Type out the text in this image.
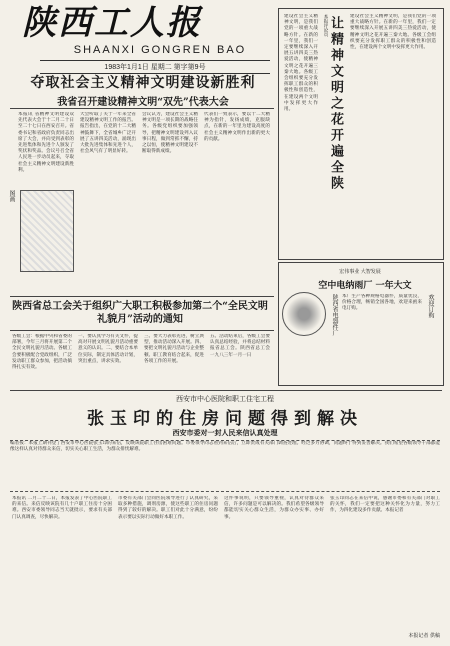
陕西工人报
SHAANXI GONGREN BAO
1983年1月1日 星期二 第字第9号
夺取社会主义精神文明建设新胜利
我省召开建设精神文明“双先”代表大会
本报讯 省精神文明建设双先代表大会于十二月二十日至二十七日在西安召开。省委书记和省政府负责同志出席了大会，并向受到表彰的先进集体和先进个人颁发了奖状和奖品。会议号召全省人民进一步动员起来，夺取社会主义精神文明建设新胜利。
大会听取了关于一年来全省建设精神文明工作的报告。报告指出，在党的十二大精神鼓舞下，全省城乡广泛开展了五讲四美活动，涌现出大批先进集体和先进个人，社会风气有了明显好转。
会议认为，建设社会主义精神文明是一项长期的战略任务。各级党组织要加强领导，把精神文明建设列入议事日程，做到常抓不懈，持之以恒，使精神文明建设不断取得新成绩。
代表们一致表示，要以十二大精神为指针，发扬成绩，克服缺点，在新的一年里为建设高度的社会主义精神文明作出新的更大的贡献。
图画
陕西省总工会关于组织广大职工积极参加第二个“全民文明礼貌月”活动的通知
各级工会：根据中央和省委的部署，今年三月将开展第二个全民文明礼貌月活动。各级工会要积极配合党政组织，广泛发动职工群众参加，把活动搞得扎实有效。
一、要认真学习有关文件，提高对开展文明礼貌月活动重要意义的认识。二、要结合本单位实际，制定具体活动计划，突出重点，讲求实效。
三、要大力表彰先进，树立典型，推动活动深入开展。四、要把文明礼貌月活动与企业整顿、职工教育结合起来，促进各项工作的开展。
五、活动结束后，各级工会要认真总结经验，并将总结材料报省总工会。陕西省总工会 一九八三年一月一日
本报评论员 让精神文明之花开遍全陕
建设社会主义精神文明，是我们党的一项重大战略方针。在新的一年里，我们一定要继续深入开展五讲四美三热爱活动，使精神文明之花开遍三秦大地。各级工会组织要充分发挥职工群众的积极性和创造性，在建设两个文明中发挥更大作用。
建设社会主义精神文明，是我们党的一项重大战略方针。在新的一年里，我们一定要继续深入开展五讲四美三热爱活动，使精神文明之花开遍三秦大地。各级工会组织要充分发挥职工群众的积极性和创造性，在建设两个文明中发挥更大作用。
宏伟事业 大智发展
空中电纳雨厂 一年大文
陕西省电器件厂	欢迎订购
本厂生产各种规格电器件，质量优良，价格合理，畅销全国各地，欢迎来函来电订购。
西安市中心医院和职工住宅工程
张玉印的住房问题得到解决
西安市委对一封人民来信认真处理
编者按：本报上期刊登了西安市中心医院张玉印的来信，反映该院职工住房困难问题。市委领导同志看到来信后，立即责成有关部门调查处理。经过多方协调，问题终于得到妥善解决。我们希望各级领导干部都能像这样认真对待群众来信，切实关心职工生活，为群众排忧解难。
本报讯 二月二十二日，本报发表了中心医院职工的来信。来信反映该院有几十户职工住房十分困难。西安市委领导同志当天就批示，要求有关部门认真调查，尽快解决。
市委有关部门会同医院领导进行了认真研究，采取多种措施，调剂房源，使这些职工的住房问题得到了较好的解决。职工们对此十分满意，纷纷表示要以实际行动做好本职工作。
这件事说明，只要领导重视，认真对待群众来信，许多问题是可以解决的。我们希望各级领导都能切实关心群众生活，为群众办实事、办好事。
张玉印同志在来信中说，感谢市委和有关部门对职工的关怀，我们一定要把这种关怀化为力量，努力工作，为四化建设多作贡献。本报记者
本报记者 供稿
